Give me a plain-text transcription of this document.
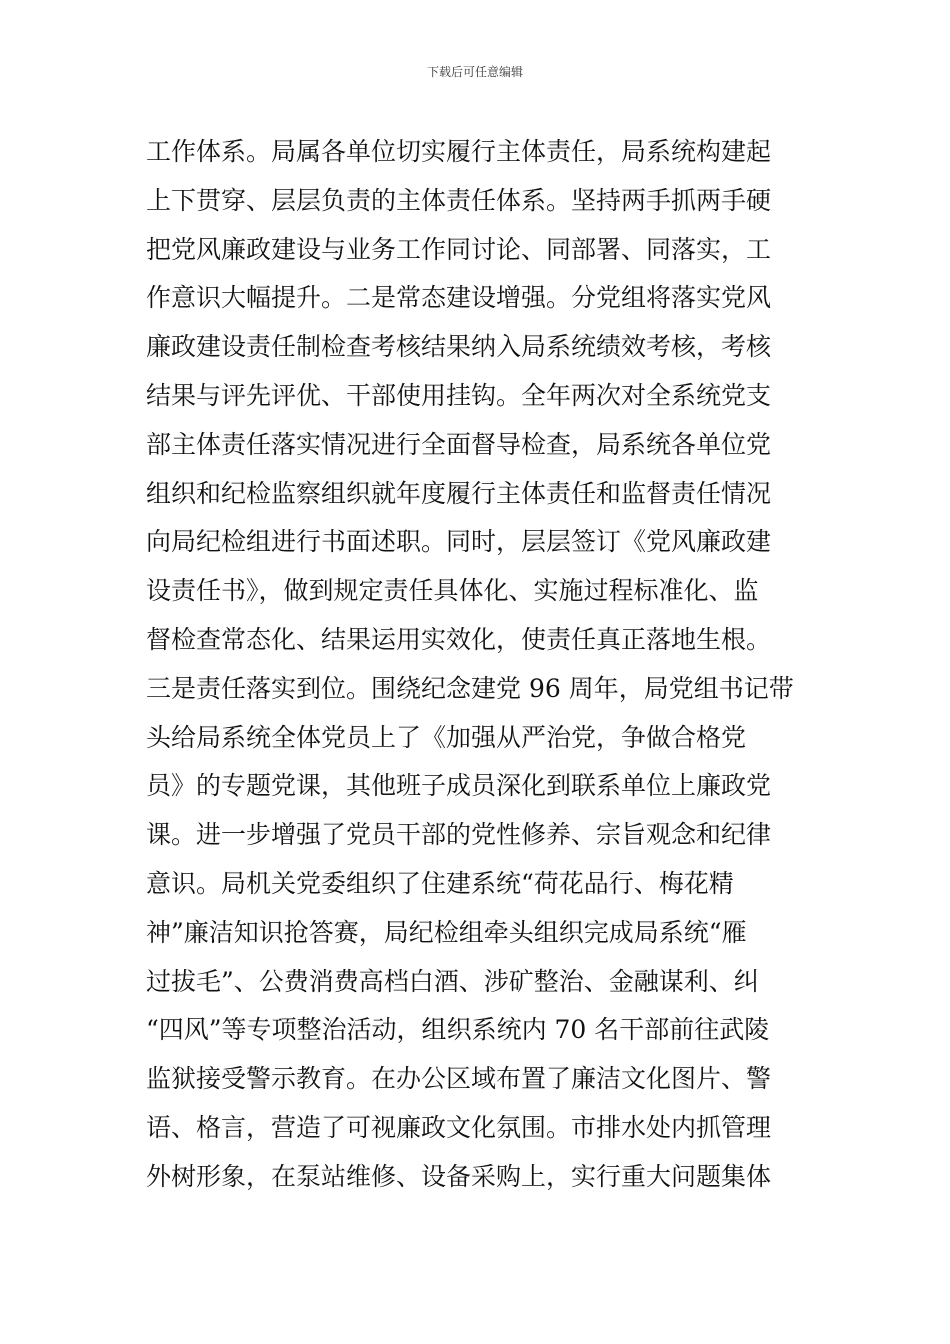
下载后可任意编辑
工作体系。局属各单位切实履行主体责任，局系统构建起
上下贯穿、层层负责的主体责任体系。坚持两手抓两手硬
把党风廉政建设与业务工作同讨论、同部署、同落实，工
作意识大幅提升。二是常态建设增强。分党组将落实党风
廉政建设责任制检查考核结果纳入局系统绩效考核，考核
结果与评先评优、干部使用挂钩。全年两次对全系统党支
部主体责任落实情况进行全面督导检查，局系统各单位党
组织和纪检监察组织就年度履行主体责任和监督责任情况
向局纪检组进行书面述职。同时，层层签订《党风廉政建
设责任书》，做到规定责任具体化、实施过程标准化、监
督检查常态化、结果运用实效化，使责任真正落地生根。
三是责任落实到位。围绕纪念建党 96 周年，局党组书记带
头给局系统全体党员上了《加强从严治党，争做合格党
员》的专题党课，其他班子成员深化到联系单位上廉政党
课。进一步增强了党员干部的党性修养、宗旨观念和纪律
意识。局机关党委组织了住建系统“荷花品行、梅花精
神”廉洁知识抢答赛，局纪检组牵头组织完成局系统“雁
过拔毛”、公费消费高档白酒、涉矿整治、金融谋利、纠
“四风”等专项整治活动，组织系统内 70 名干部前往武陵
监狱接受警示教育。在办公区域布置了廉洁文化图片、警
语、格言，营造了可视廉政文化氛围。市排水处内抓管理
外树形象，在泵站维修、设备采购上，实行重大问题集体
